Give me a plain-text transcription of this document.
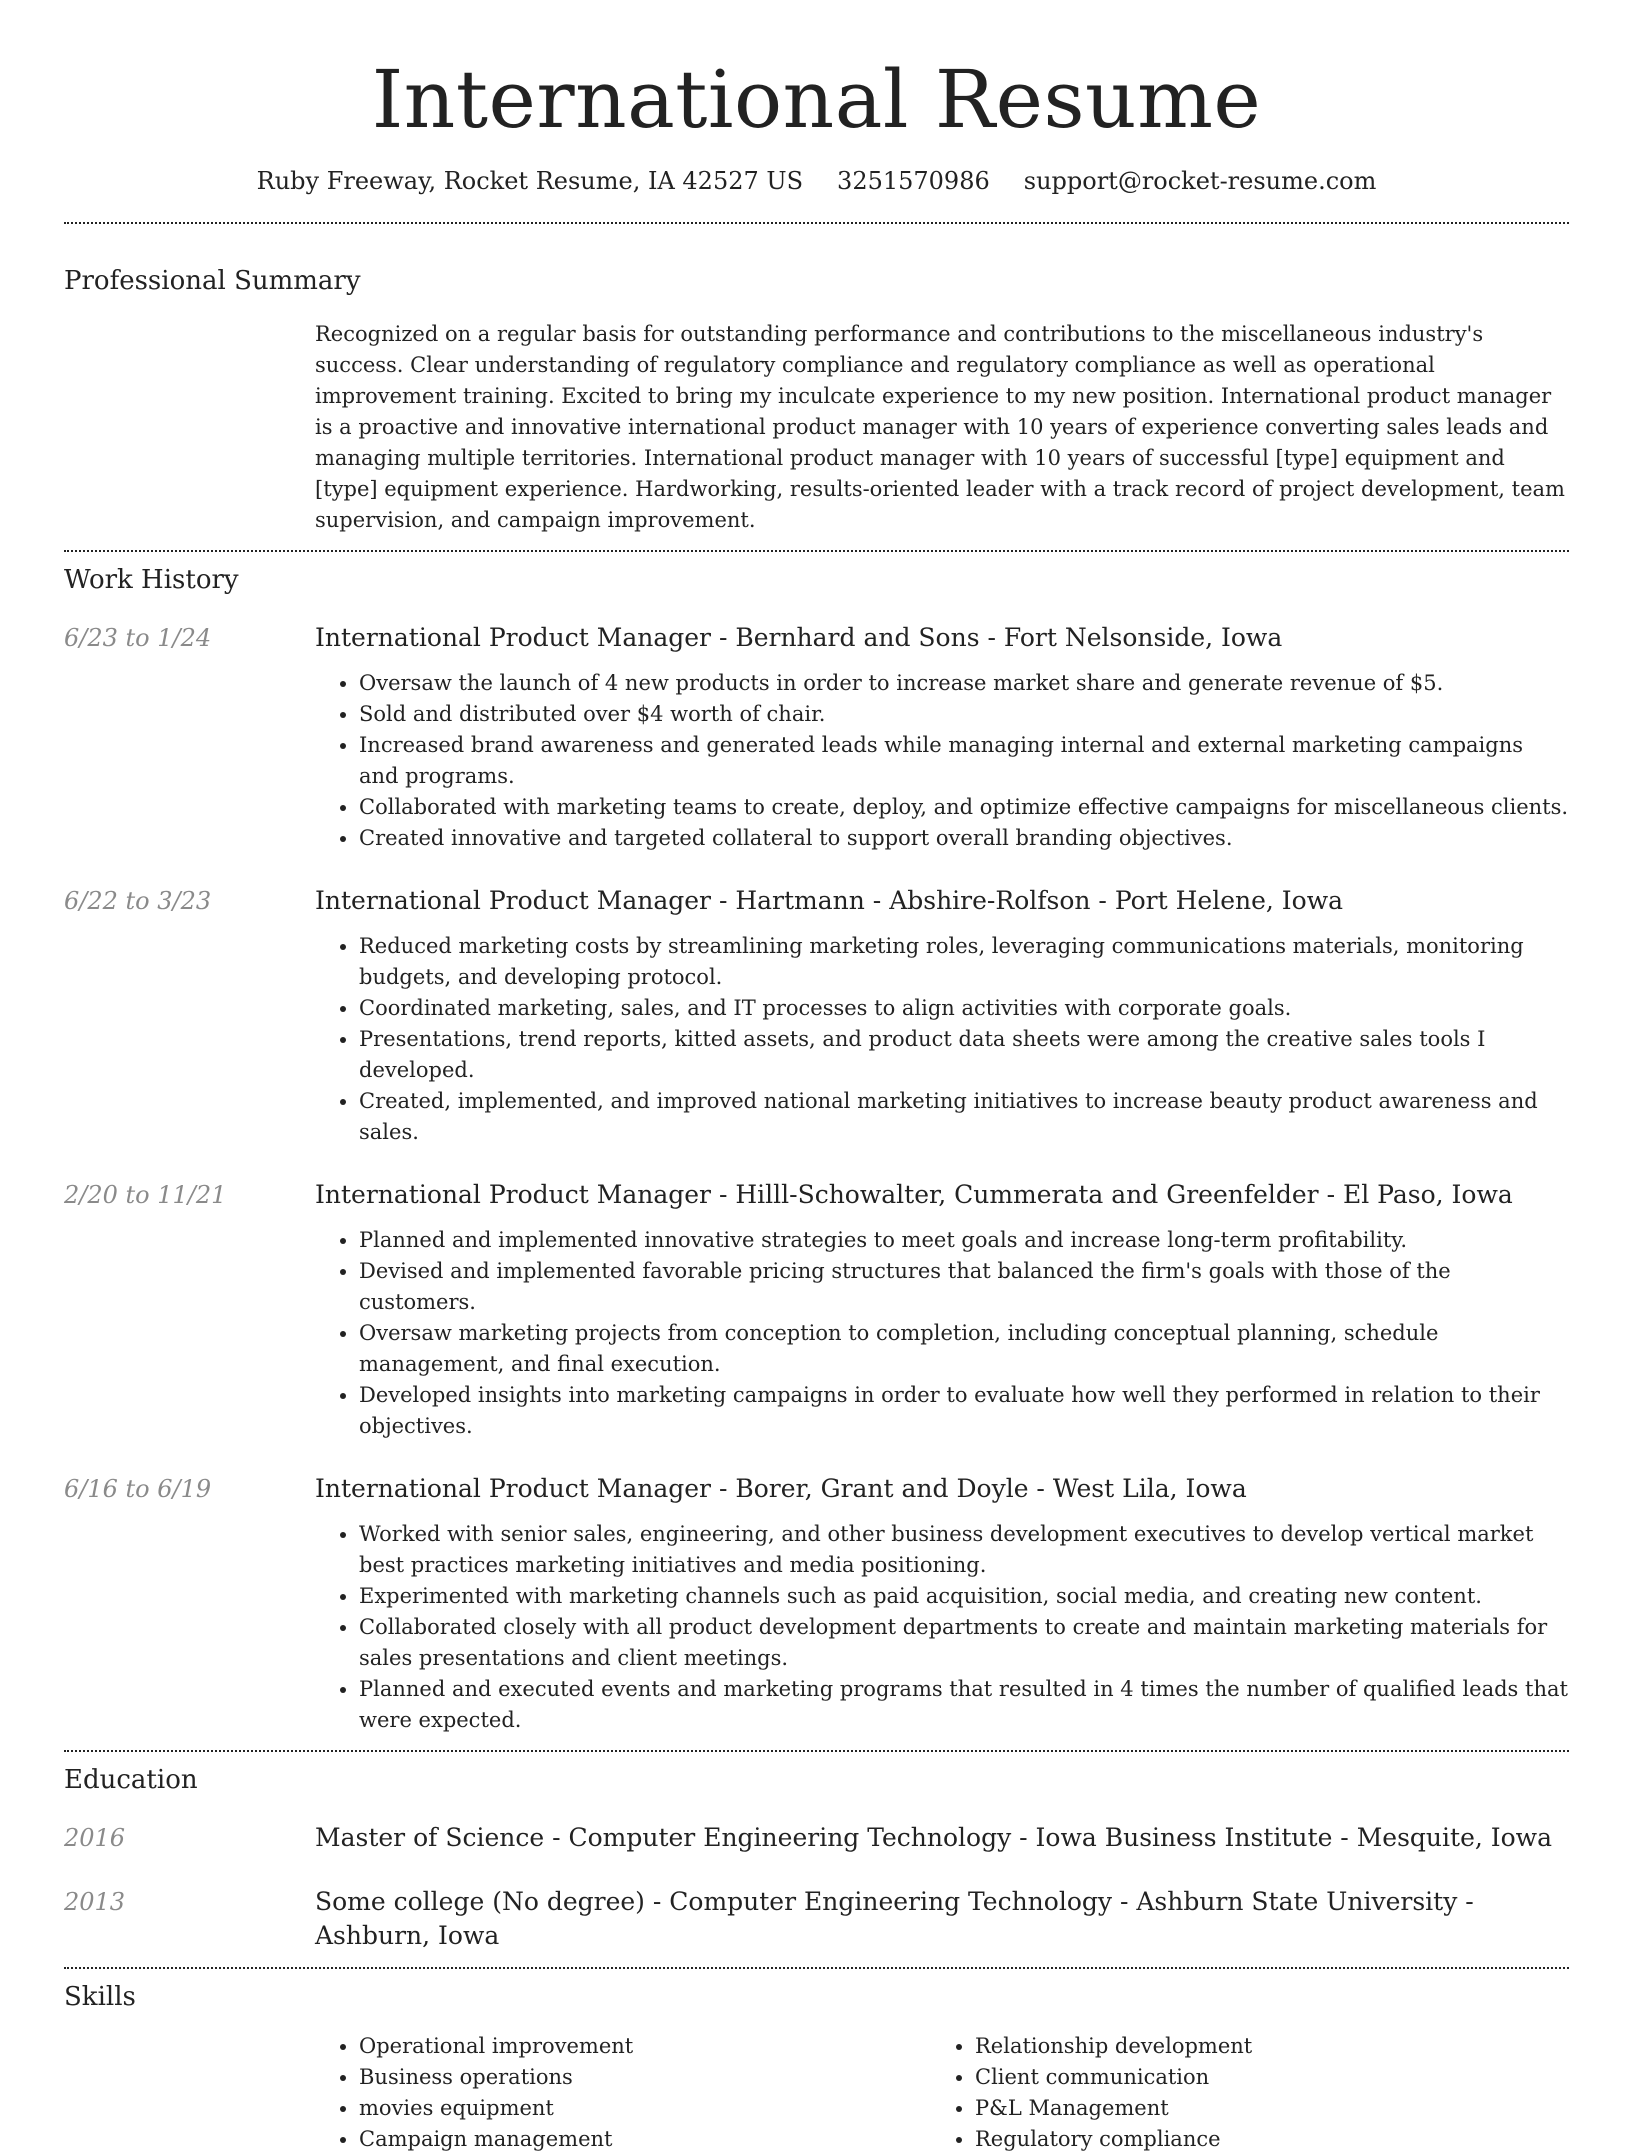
International Resume
Ruby Freeway, Rocket Resume, IA 42527 US 3251570986 support@rocket-resume.com
Professional Summary
Recognized on a regular basis for outstanding performance and contributions to the miscellaneous industry's success. Clear understanding of regulatory compliance and regulatory compliance as well as operational improvement training. Excited to bring my inculcate experience to my new position. International product manager is a proactive and innovative international product manager with 10 years of experience converting sales leads and managing multiple territories. International product manager with 10 years of successful [type] equipment and [type] equipment experience. Hardworking, results-oriented leader with a track record of project development, team supervision, and campaign improvement.
Work History
6/23 to 1/24	International Product Manager - Bernhard and Sons - Fort Nelsonside, Iowa
• Oversaw the launch of 4 new products in order to increase market share and generate revenue of $5.
• Sold and distributed over $4 worth of chair.
• Increased brand awareness and generated leads while managing internal and external marketing campaigns and programs.
• Collaborated with marketing teams to create, deploy, and optimize effective campaigns for miscellaneous clients.
• Created innovative and targeted collateral to support overall branding objectives.
6/22 to 3/23	International Product Manager - Hartmann - Abshire-Rolfson - Port Helene, Iowa
• Reduced marketing costs by streamlining marketing roles, leveraging communications materials, monitoring budgets, and developing protocol.
• Coordinated marketing, sales, and IT processes to align activities with corporate goals.
• Presentations, trend reports, kitted assets, and product data sheets were among the creative sales tools I developed.
• Created, implemented, and improved national marketing initiatives to increase beauty product awareness and sales.
2/20 to 11/21	International Product Manager - Hilll-Schowalter, Cummerata and Greenfelder - El Paso, Iowa
• Planned and implemented innovative strategies to meet goals and increase long-term profitability.
• Devised and implemented favorable pricing structures that balanced the firm's goals with those of the customers.
• Oversaw marketing projects from conception to completion, including conceptual planning, schedule management, and final execution.
• Developed insights into marketing campaigns in order to evaluate how well they performed in relation to their objectives.
6/16 to 6/19	International Product Manager - Borer, Grant and Doyle - West Lila, Iowa
• Worked with senior sales, engineering, and other business development executives to develop vertical market best practices marketing initiatives and media positioning.
• Experimented with marketing channels such as paid acquisition, social media, and creating new content.
• Collaborated closely with all product development departments to create and maintain marketing materials for sales presentations and client meetings.
• Planned and executed events and marketing programs that resulted in 4 times the number of qualified leads that were expected.
Education
2016	Master of Science - Computer Engineering Technology - Iowa Business Institute - Mesquite, Iowa
2013	Some college (No degree) - Computer Engineering Technology - Ashburn State University - Ashburn, Iowa
Skills
• Operational improvement
• Business operations
• movies equipment
• Campaign management
• Relationship development
• Client communication
• P&L Management
• Regulatory compliance
